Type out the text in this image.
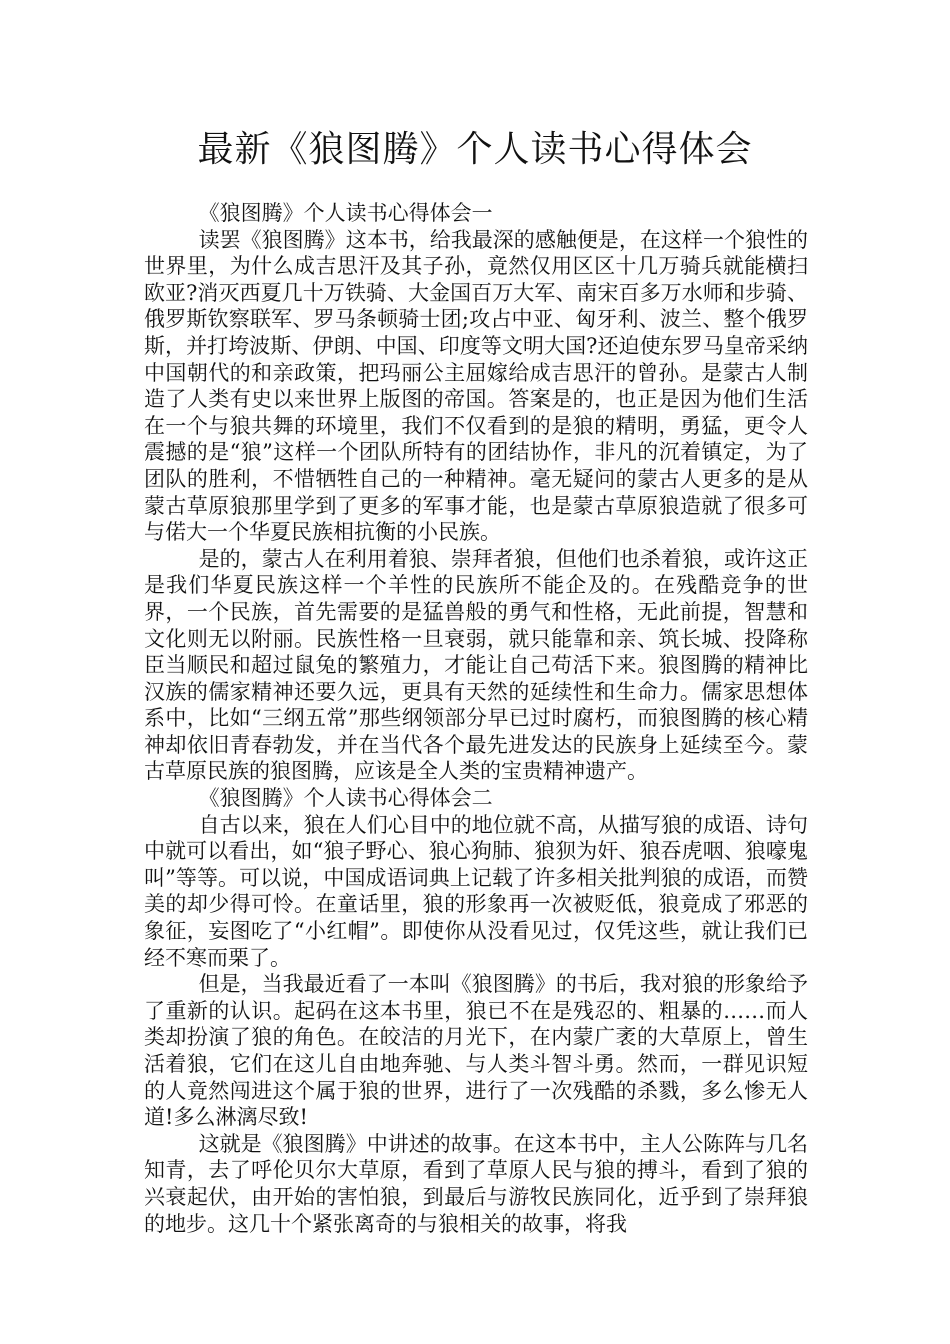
最新《狼图腾》个人读书心得体会

《狼图腾》个人读书心得体会一

读罢《狼图腾》这本书，给我最深的感触便是，在这样一个狼性的世界里，为什么成吉思汗及其子孙，竟然仅用区区十几万骑兵就能横扫欧亚?消灭西夏几十万铁骑、大金国百万大军、南宋百多万水师和步骑、俄罗斯钦察联军、罗马条顿骑士团;攻占中亚、匈牙利、波兰、整个俄罗斯，并打垮波斯、伊朗、中国、印度等文明大国?还迫使东罗马皇帝采纳中国朝代的和亲政策，把玛丽公主屈嫁给成吉思汗的曾孙。是蒙古人制造了人类有史以来世界上版图的帝国。答案是的，也正是因为他们生活在一个与狼共舞的环境里，我们不仅看到的是狼的精明，勇猛，更令人震撼的是“狼”这样一个团队所特有的团结协作，非凡的沉着镇定，为了团队的胜利，不惜牺牲自己的一种精神。毫无疑问的蒙古人更多的是从蒙古草原狼那里学到了更多的军事才能，也是蒙古草原狼造就了很多可与偌大一个华夏民族相抗衡的小民族。

是的，蒙古人在利用着狼、崇拜者狼，但他们也杀着狼，或许这正是我们华夏民族这样一个羊性的民族所不能企及的。在残酷竞争的世界，一个民族，首先需要的是猛兽般的勇气和性格，无此前提，智慧和文化则无以附丽。民族性格一旦衰弱，就只能靠和亲、筑长城、投降称臣当顺民和超过鼠兔的繁殖力，才能让自己苟活下来。狼图腾的精神比汉族的儒家精神还要久远，更具有天然的延续性和生命力。儒家思想体系中，比如“三纲五常”那些纲领部分早已过时腐朽，而狼图腾的核心精神却依旧青春勃发，并在当代各个最先进发达的民族身上延续至今。蒙古草原民族的狼图腾，应该是全人类的宝贵精神遗产。

《狼图腾》个人读书心得体会二

自古以来，狼在人们心目中的地位就不高，从描写狼的成语、诗句中就可以看出，如“狼子野心、狼心狗肺、狼狈为奸、狼吞虎咽、狼嚎鬼叫”等等。可以说，中国成语词典上记载了许多相关批判狼的成语，而赞美的却少得可怜。在童话里，狼的形象再一次被贬低，狼竟成了邪恶的象征，妄图吃了“小红帽”。即使你从没看见过，仅凭这些，就让我们已经不寒而栗了。

但是，当我最近看了一本叫《狼图腾》的书后，我对狼的形象给予了重新的认识。起码在这本书里，狼已不在是残忍的、粗暴的……而人类却扮演了狼的角色。在皎洁的月光下，在内蒙广袤的大草原上，曾生活着狼，它们在这儿自由地奔驰、与人类斗智斗勇。然而，一群见识短的人竟然闯进这个属于狼的世界，进行了一次残酷的杀戮，多么惨无人道!多么淋漓尽致!

这就是《狼图腾》中讲述的故事。在这本书中，主人公陈阵与几名知青，去了呼伦贝尔大草原，看到了草原人民与狼的搏斗，看到了狼的兴衰起伏，由开始的害怕狼，到最后与游牧民族同化，近乎到了崇拜狼的地步。这几十个紧张离奇的与狼相关的故事，将我
